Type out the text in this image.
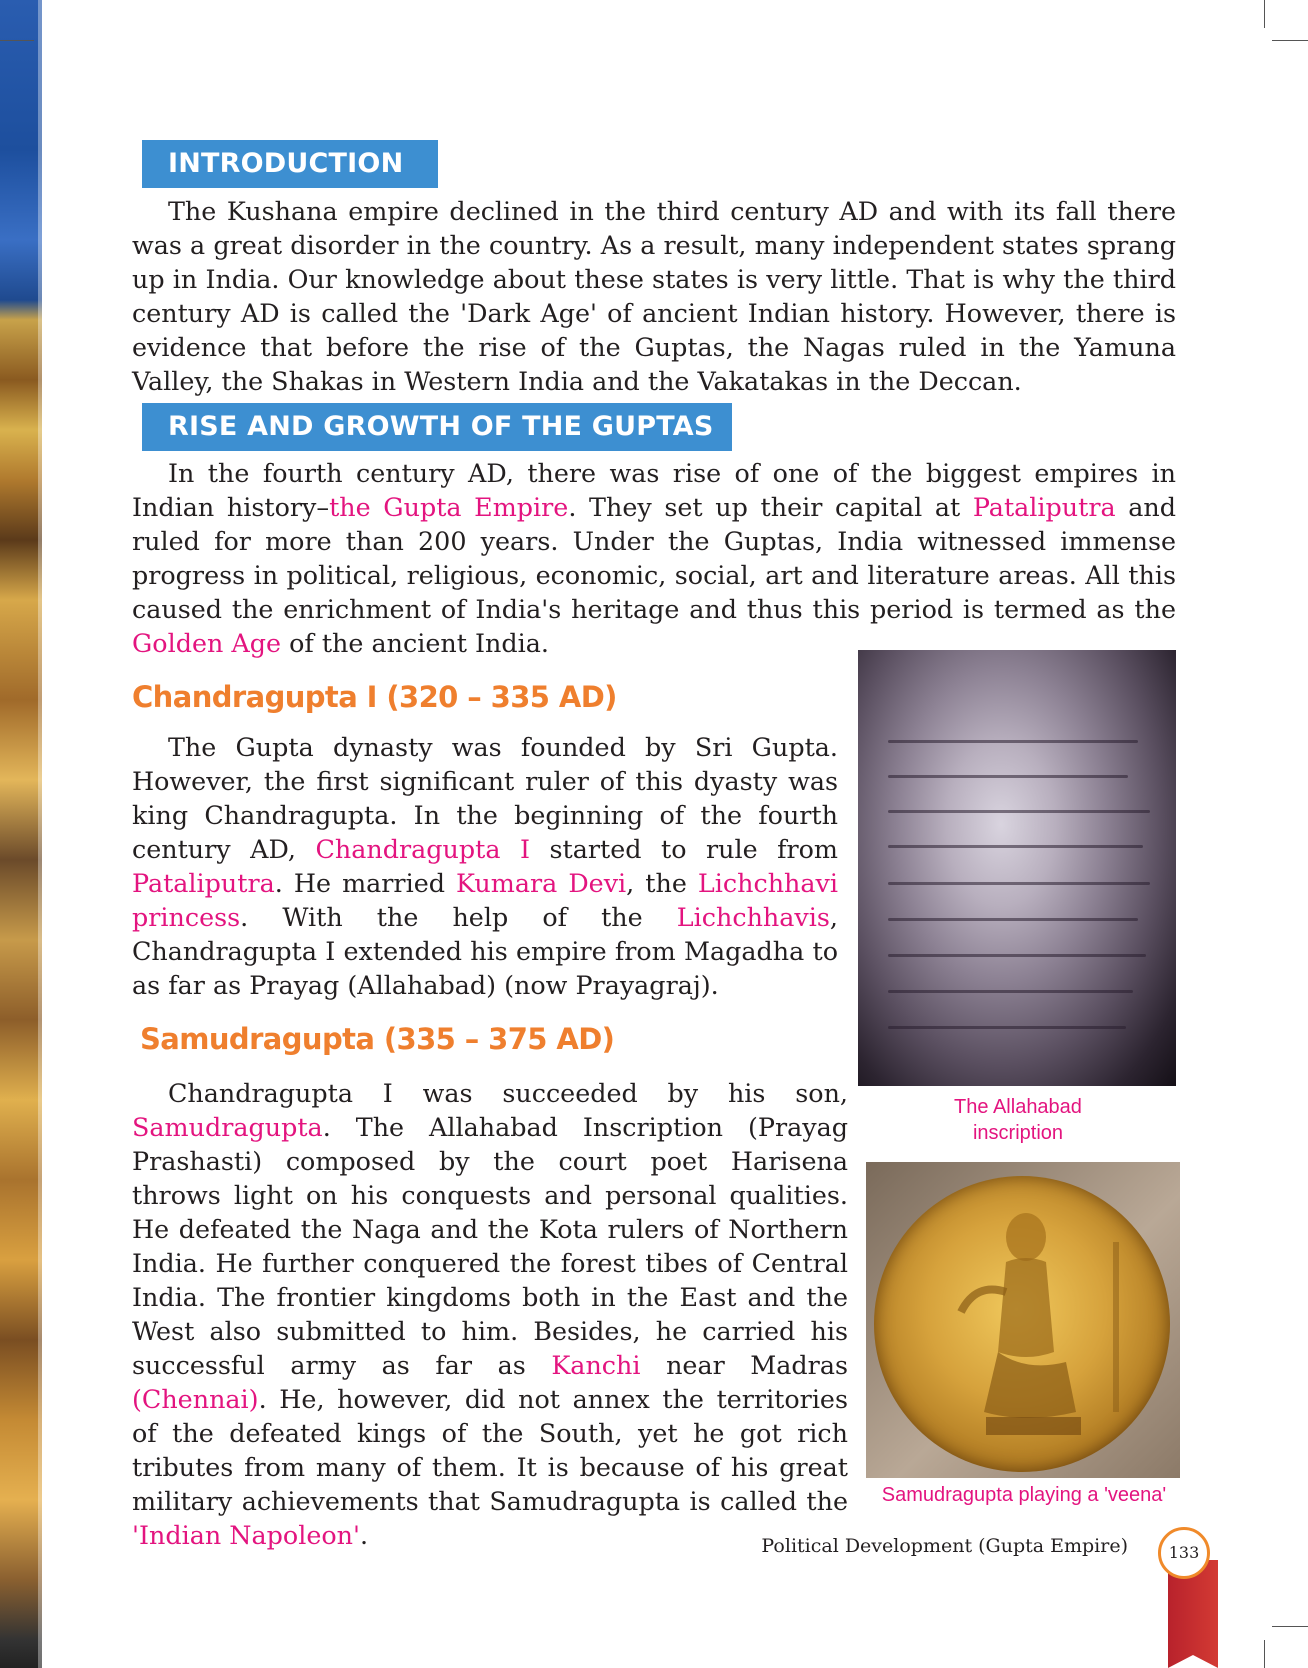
INTRODUCTION

The Kushana empire declined in the third century AD and with its fall there was a great disorder in the country. As a result, many independent states sprang up in India. Our knowledge about these states is very little. That is why the third century AD is called the 'Dark Age' of ancient Indian history. However, there is evidence that before the rise of the Guptas, the Nagas ruled in the Yamuna Valley, the Shakas in Western India and the Vakatakas in the Deccan.

RISE AND GROWTH OF THE GUPTAS

In the fourth century AD, there was rise of one of the biggest empires in Indian history–the Gupta Empire. They set up their capital at Pataliputra and ruled for more than 200 years. Under the Guptas, India witnessed immense progress in political, religious, economic, social, art and literature areas. All this caused the enrichment of India's heritage and thus this period is termed as the Golden Age of the ancient India.

Chandragupta I (320 – 335 AD)

The Gupta dynasty was founded by Sri Gupta. However, the first significant ruler of this dyasty was king Chandragupta. In the beginning of the fourth century AD, Chandragupta I started to rule from Pataliputra. He married Kumara Devi, the Lichchhavi princess. With the help of the Lichchhavis, Chandragupta I extended his empire from Magadha to as far as Prayag (Allahabad) (now Prayagraj).

Samudragupta (335 – 375 AD)

Chandragupta I was succeeded by his son, Samudragupta. The Allahabad Inscription (Prayag Prashasti) composed by the court poet Harisena throws light on his conquests and personal qualities. He defeated the Naga and the Kota rulers of Northern India. He further conquered the forest tibes of Central India. The frontier kingdoms both in the East and the West also submitted to him. Besides, he carried his successful army as far as Kanchi near Madras (Chennai). He, however, did not annex the territories of the defeated kings of the South, yet he got rich tributes from many of them. It is because of his great military achievements that Samudragupta is called the 'Indian Napoleon'.

The Allahabad inscription

Samudragupta playing a 'veena'

Political Development (Gupta Empire)	133
